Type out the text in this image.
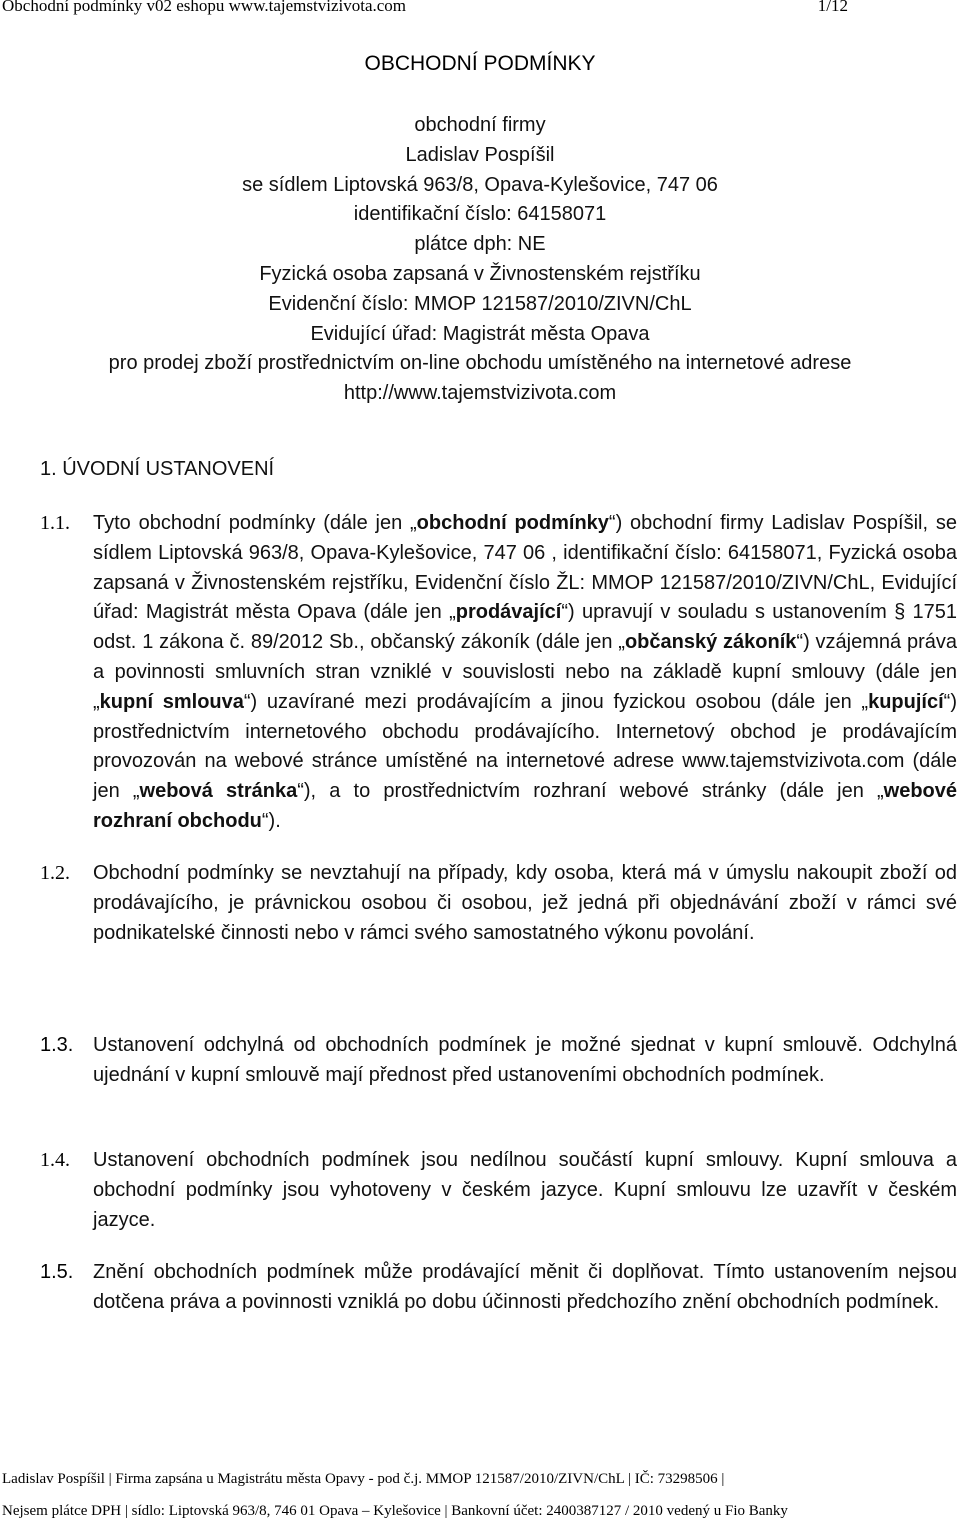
Obchodní podmínky v02 eshopu www.tajemstvizivota.com	1/12
OBCHODNÍ PODMÍNKY
obchodní firmy
Ladislav Pospíšil
se sídlem Liptovská 963/8, Opava-Kylešovice, 747 06
identifikační číslo: 64158071
plátce dph: NE
Fyzická osoba zapsaná v Živnostenském rejstříku
Evidenční číslo: MMOP 121587/2010/ZIVN/ChL
Evidující úřad: Magistrát města Opava
pro prodej zboží prostřednictvím on-line obchodu umístěného na internetové adrese
http://www.tajemstvizivota.com
1. ÚVODNÍ USTANOVENÍ
1.1. Tyto obchodní podmínky (dále jen „obchodní podmínky“) obchodní firmy Ladislav Pospíšil, se sídlem Liptovská 963/8, Opava-Kylešovice, 747 06 , identifikační číslo: 64158071, Fyzická osoba zapsaná v Živnostenském rejstříku, Evidenční číslo ŽL: MMOP 121587/2010/ZIVN/ChL, Evidující úřad: Magistrát města Opava (dále jen „prodávající“) upravují v souladu s ustanovením § 1751 odst. 1 zákona č. 89/2012 Sb., občanský zákoník (dále jen „občanský zákoník“) vzájemná práva a povinnosti smluvních stran vzniklé v souvislosti nebo na základě kupní smlouvy (dále jen „kupní smlouva“) uzavírané mezi prodávajícím a jinou fyzickou osobou (dále jen „kupující“) prostřednictvím internetového obchodu prodávajícího. Internetový obchod je prodávajícím provozován na webové stránce umístěné na internetové adrese www.tajemstvizivota.com (dále jen „webová stránka“), a to prostřednictvím rozhraní webové stránky (dále jen „webové rozhraní obchodu“).
1.2. Obchodní podmínky se nevztahují na případy, kdy osoba, která má v úmyslu nakoupit zboží od prodávajícího, je právnickou osobou či osobou, jež jedná při objednávání zboží v rámci své podnikatelské činnosti nebo v rámci svého samostatného výkonu povolání.
1.3. Ustanovení odchylná od obchodních podmínek je možné sjednat v kupní smlouvě. Odchylná ujednání v kupní smlouvě mají přednost před ustanoveními obchodních podmínek.
1.4. Ustanovení obchodních podmínek jsou nedílnou součástí kupní smlouvy. Kupní smlouva a obchodní podmínky jsou vyhotoveny v českém jazyce. Kupní smlouvu lze uzavřít v českém jazyce.
1.5. Znění obchodních podmínek může prodávající měnit či doplňovat. Tímto ustanovením nejsou dotčena práva a povinnosti vzniklá po dobu účinnosti předchozího znění obchodních podmínek.
Ladislav Pospíšil | Firma zapsána u Magistrátu města Opavy - pod č.j. MMOP 121587/2010/ZIVN/ChL | IČ: 73298506 |
Nejsem plátce DPH | sídlo: Liptovská 963/8, 746 01 Opava – Kylešovice | Bankovní účet: 2400387127 / 2010 vedený u Fio Banky
